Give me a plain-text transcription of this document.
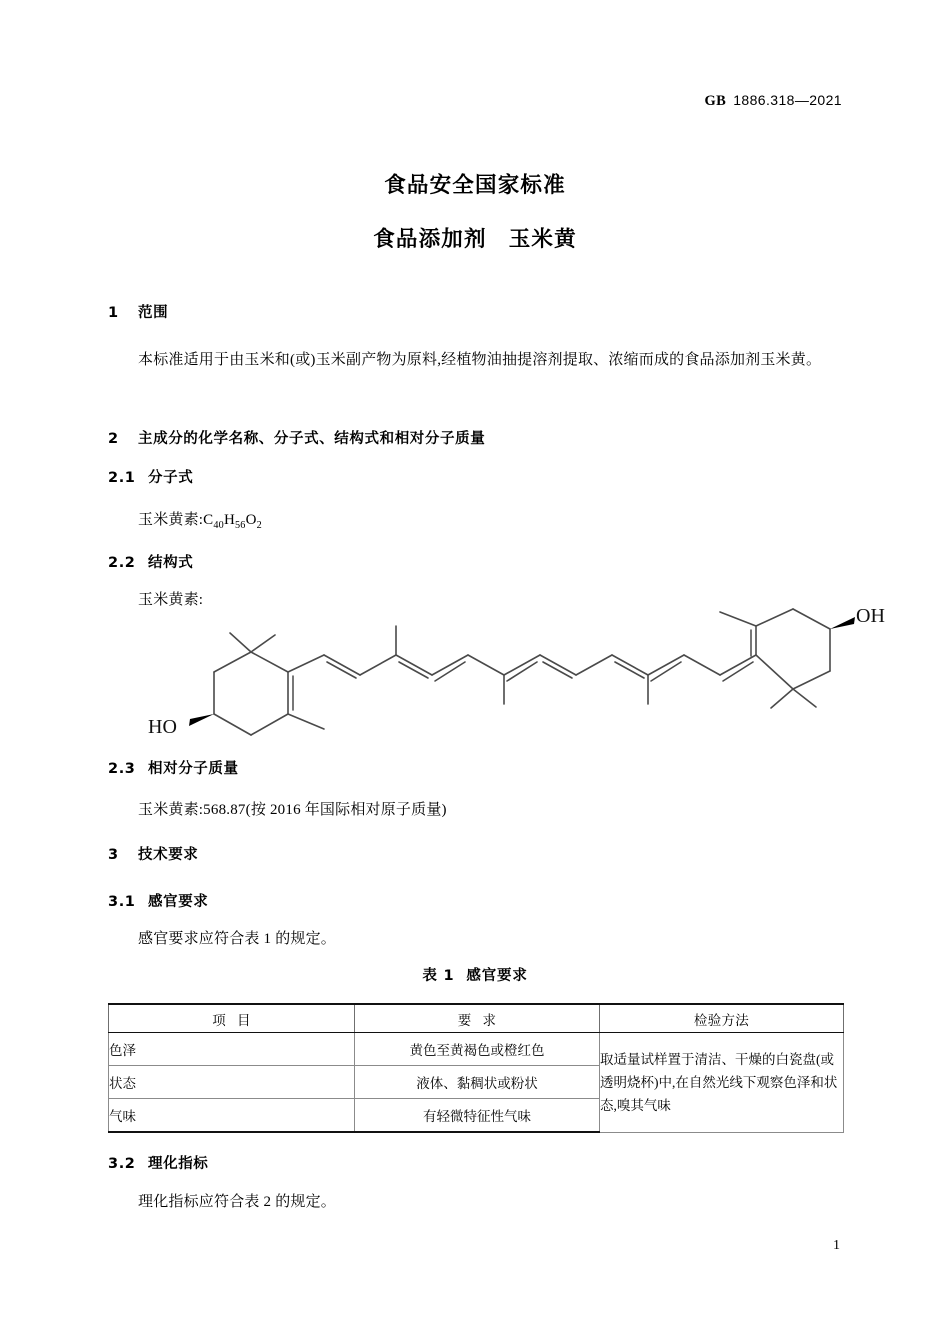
GB 1886.318—2021
食品安全国家标准
食品添加剂 玉米黄
1 范围
本标准适用于由玉米和(或)玉米副产物为原料,经植物油抽提溶剂提取、浓缩而成的食品添加剂玉米黄。
2 主成分的化学名称、分子式、结构式和相对分子质量
2.1 分子式
玉米黄素$:C_{40}H_{56}O_2$
2.2 结构式
玉米黄素:
HO
OH
2.3 相对分子质量
玉米黄素:568.87(按 2016 年国际相对原子质量)
3 技术要求
3.1 感官要求
感官要求应符合表 1 的规定。
表 1 感官要求
项 目	要 求	检验方法
色泽	黄色至黄褐色或橙红色	取适量试样置于清洁、干燥的白瓷盘(或透明烧杯)中,在自然光线下观察色泽和状态,嗅其气味
状态	液体、黏稠状或粉状	
气味	有轻微特征性气味	
3.2 理化指标
理化指标应符合表 2 的规定。
1
